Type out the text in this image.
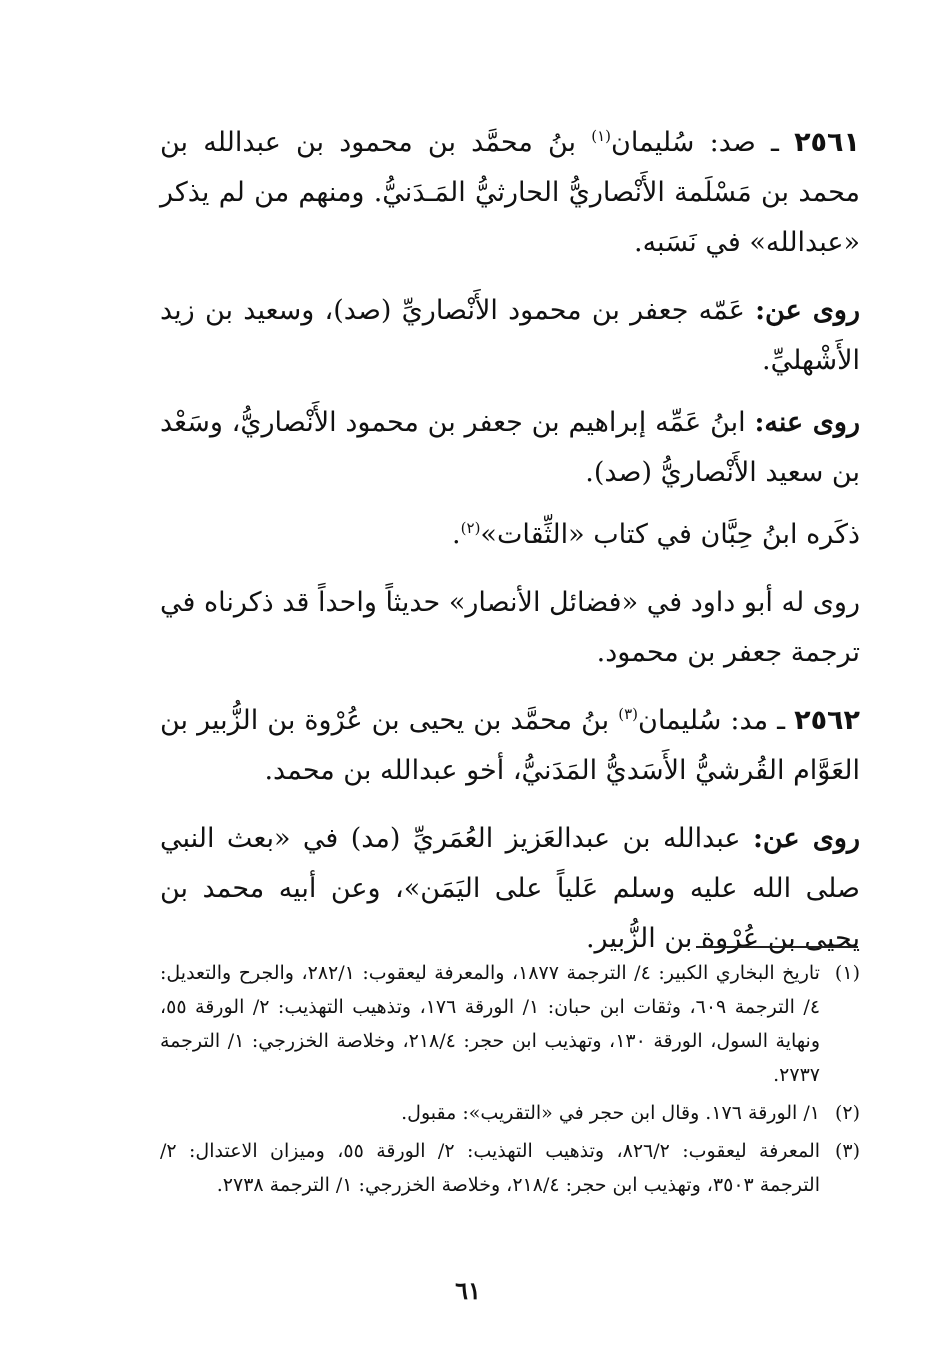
٢٥٦١ ـ صد: سُليمان$^{(١)}$ بنُ محمَّد بن محمود بن عبدالله بن محمد بن مَسْلَمة الأَنْصاريُّ الحارثيُّ المَـدَنيُّ. ومنهم من لم يذكر «عبدالله» في نَسَبه.

روى عن: عَمّه جعفر بن محمود الأَنْصاريِّ (صد)، وسعيد بن زيد الأَشْهليِّ.

روى عنه: ابنُ عَمِّه إبراهيم بن جعفر بن محمود الأَنْصاريُّ، وسَعْد بن سعيد الأَنْصاريُّ (صد).

ذكَره ابنُ حِبَّان في كتاب «الثِّقات»$^{(٢)}$.

روى له أبو داود في «فضائل الأنصار» حديثاً واحداً قد ذكرناه في ترجمة جعفر بن محمود.

٢٥٦٢ ـ مد: سُليمان$^{(٣)}$ بنُ محمَّد بن يحيى بن عُرْوة بن الزُّبير بن العَوَّام القُرشيُّ الأَسَديُّ المَدَنيُّ، أخو عبدالله بن محمد.

روى عن: عبدالله بن عبدالعَزيز العُمَريِّ (مد) في «بعث النبي صلى الله عليه وسلم عَلياً على اليَمَن»، وعن أبيه محمد بن يحيى بن عُرْوة بن الزُّبير.

(١)تاريخ البخاري الكبير: ٤/ الترجمة ١٨٧٧، والمعرفة ليعقوب: ٢٨٢/١، والجرح والتعديل: ٤/ الترجمة ٦٠٩، وثقات ابن حبان: ١/ الورقة ١٧٦، وتذهيب التهذيب: ٢/ الورقة ٥٥، ونهاية السول، الورقة ١٣٠، وتهذيب ابن حجر: ٢١٨/٤، وخلاصة الخزرجي: ١/ الترجمة ٢٧٣٧.

(٢)١/ الورقة ١٧٦. وقال ابن حجر في «التقريب»: مقبول.

(٣)المعرفة ليعقوب: ٨٢٦/٢، وتذهيب التهذيب: ٢/ الورقة ٥٥، وميزان الاعتدال: ٢/ الترجمة ٣٥٠٣، وتهذيب ابن حجر: ٢١٨/٤، وخلاصة الخزرجي: ١/ الترجمة ٢٧٣٨.

٦١
